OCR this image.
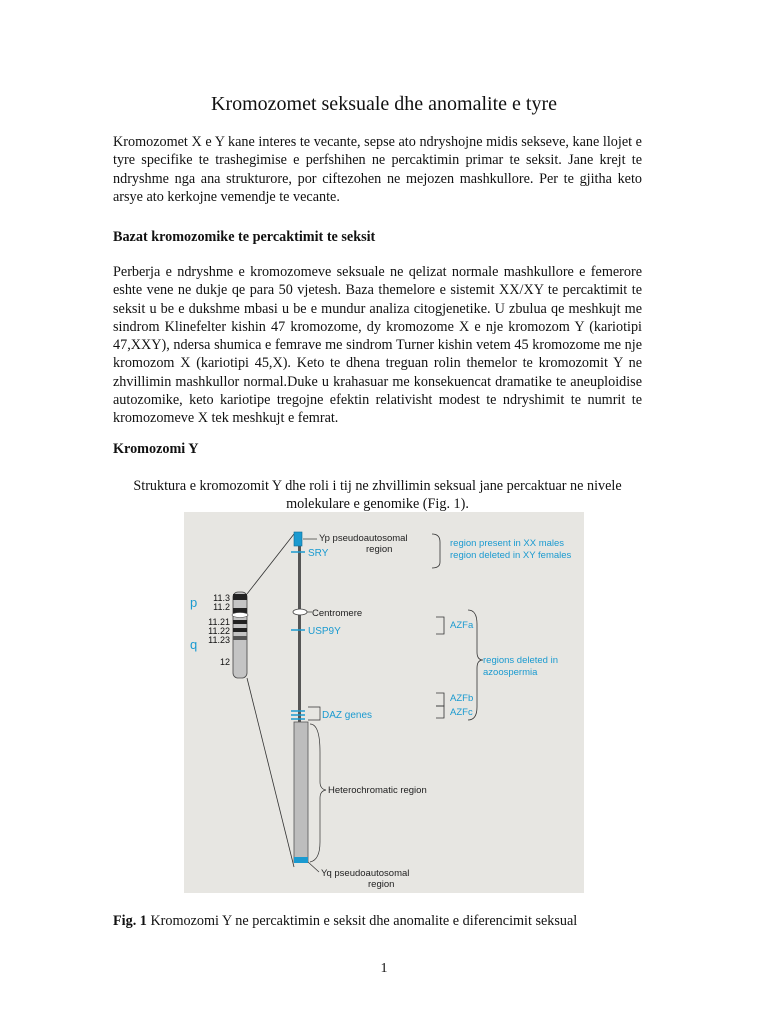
Kromozomet seksuale dhe anomalite e tyre

Kromozomet X e Y kane interes te vecante, sepse ato ndryshojne midis sekseve, kane llojet e tyre specifike te trashegimise e perfshihen ne percaktimin primar te seksit. Jane krejt te ndryshme nga ana strukturore, por ciftezohen ne mejozen mashkullore. Per te gjitha keto arsye ato kerkojne vemendje te vecante.

Bazat kromozomike te percaktimit te seksit

Perberja e ndryshme e kromozomeve seksuale ne qelizat normale mashkullore e femerore eshte vene ne dukje qe para 50 vjetesh. Baza themelore e sistemit XX/XY te percaktimit te seksit u be e dukshme mbasi u be e mundur analiza citogjenetike. U zbulua qe meshkujt me sindrom Klinefelter kishin 47 kromozome, dy kromozome X e nje kromozom Y (kariotipi 47,XXY), ndersa shumica e femrave me sindrom Turner kishin vetem 45 kromozome me nje kromozom X (kariotipi 45,X). Keto te dhena treguan rolin themelor te kromozomit Y ne zhvillimin mashkullor normal.Duke u krahasuar me konsekuencat dramatike te aneuploidise autozomike, keto kariotipe tregojne efektin relativisht modest te ndryshimit te numrit te kromozomeve X tek meshkujt e femrat.

Kromozomi Y
Struktura e kromozomit Y dhe roli i tij ne zhvillimin seksual jane percaktuar ne nivele
molekulare e genomike (Fig. 1).
p
q
11.3
11.2
11.21
11.22
11.23
12
Yp pseudoautosomal
region
SRY
Centromere
USP9Y
DAZ genes
Heterochromatic region
Yq pseudoautosomal
region
region present in XX males
region deleted in XY females
AZFa
AZFb
AZFc
regions deleted in
azoospermia
Fig. 1 Kromozomi Y ne percaktimin e seksit dhe anomalite e diferencimit seksual
1
